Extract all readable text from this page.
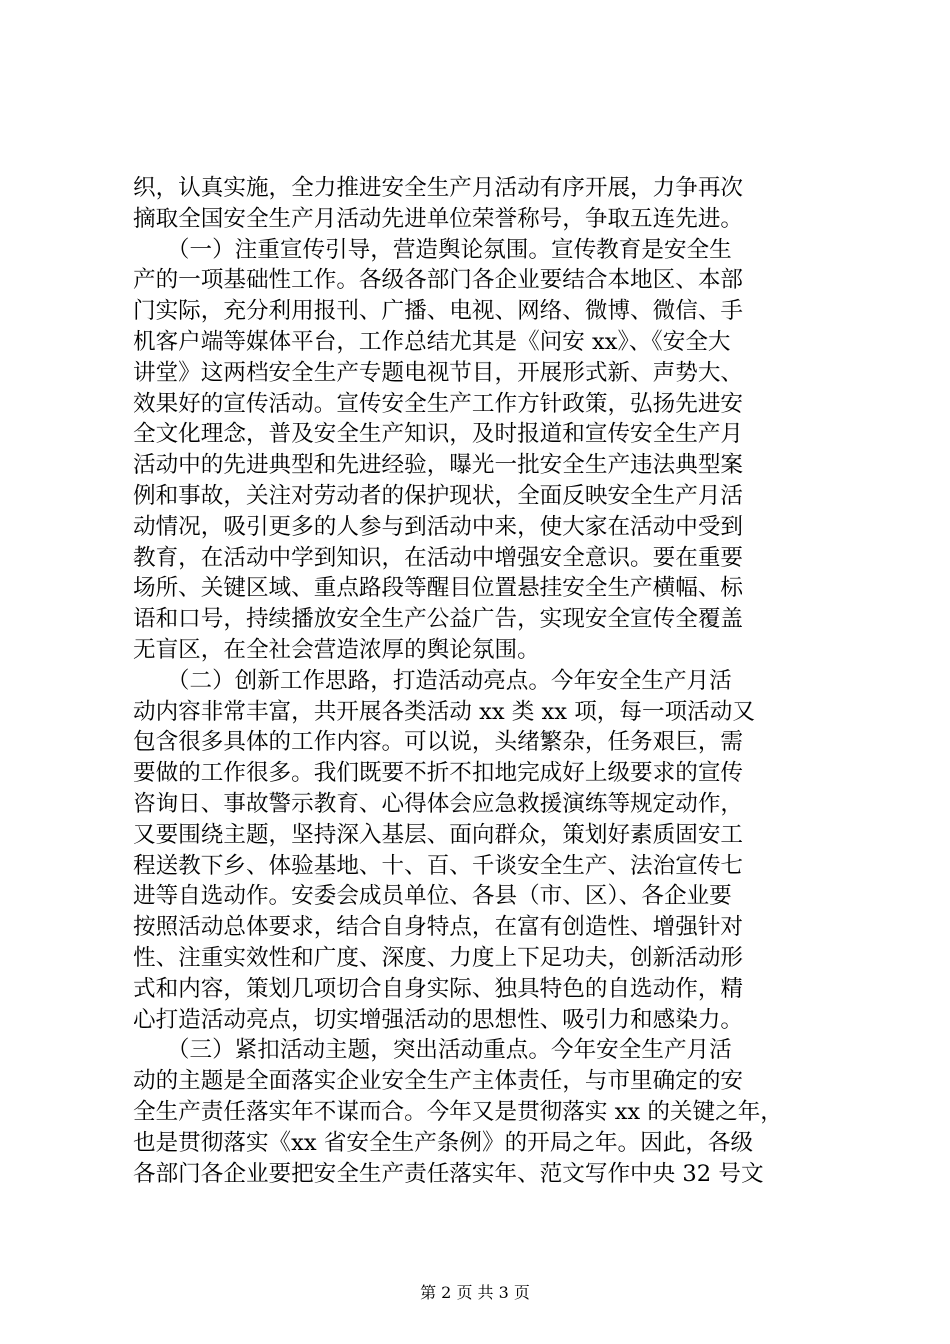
织，认真实施，全力推进安全生产月活动有序开展，力争再次
摘取全国安全生产月活动先进单位荣誉称号，争取五连先进。
　　（一）注重宣传引导，营造舆论氛围。宣传教育是安全生
产的一项基础性工作。各级各部门各企业要结合本地区、本部
门实际，充分利用报刊、广播、电视、网络、微博、微信、手
机客户端等媒体平台，工作总结尤其是《问安 xx》、《安全大
讲堂》这两档安全生产专题电视节目，开展形式新、声势大、
效果好的宣传活动。宣传安全生产工作方针政策，弘扬先进安
全文化理念，普及安全生产知识，及时报道和宣传安全生产月
活动中的先进典型和先进经验，曝光一批安全生产违法典型案
例和事故，关注对劳动者的保护现状，全面反映安全生产月活
动情况，吸引更多的人参与到活动中来，使大家在活动中受到
教育，在活动中学到知识，在活动中增强安全意识。要在重要
场所、关键区域、重点路段等醒目位置悬挂安全生产横幅、标
语和口号，持续播放安全生产公益广告，实现安全宣传全覆盖
无盲区，在全社会营造浓厚的舆论氛围。
　　（二）创新工作思路，打造活动亮点。今年安全生产月活
动内容非常丰富，共开展各类活动 xx 类 xx 项，每一项活动又
包含很多具体的工作内容。可以说，头绪繁杂，任务艰巨，需
要做的工作很多。我们既要不折不扣地完成好上级要求的宣传
咨询日、事故警示教育、心得体会应急救援演练等规定动作，
又要围绕主题，坚持深入基层、面向群众，策划好素质固安工
程送教下乡、体验基地、十、百、千谈安全生产、法治宣传七
进等自选动作。安委会成员单位、各县（市、区）、各企业要
按照活动总体要求，结合自身特点，在富有创造性、增强针对
性、注重实效性和广度、深度、力度上下足功夫，创新活动形
式和内容，策划几项切合自身实际、独具特色的自选动作，精
心打造活动亮点，切实增强活动的思想性、吸引力和感染力。
　　（三）紧扣活动主题，突出活动重点。今年安全生产月活
动的主题是全面落实企业安全生产主体责任，与市里确定的安
全生产责任落实年不谋而合。今年又是贯彻落实 xx 的关键之年，
也是贯彻落实《xx 省安全生产条例》的开局之年。因此，各级
各部门各企业要把安全生产责任落实年、范文写作中央 32 号文
第 2 页 共 3 页
